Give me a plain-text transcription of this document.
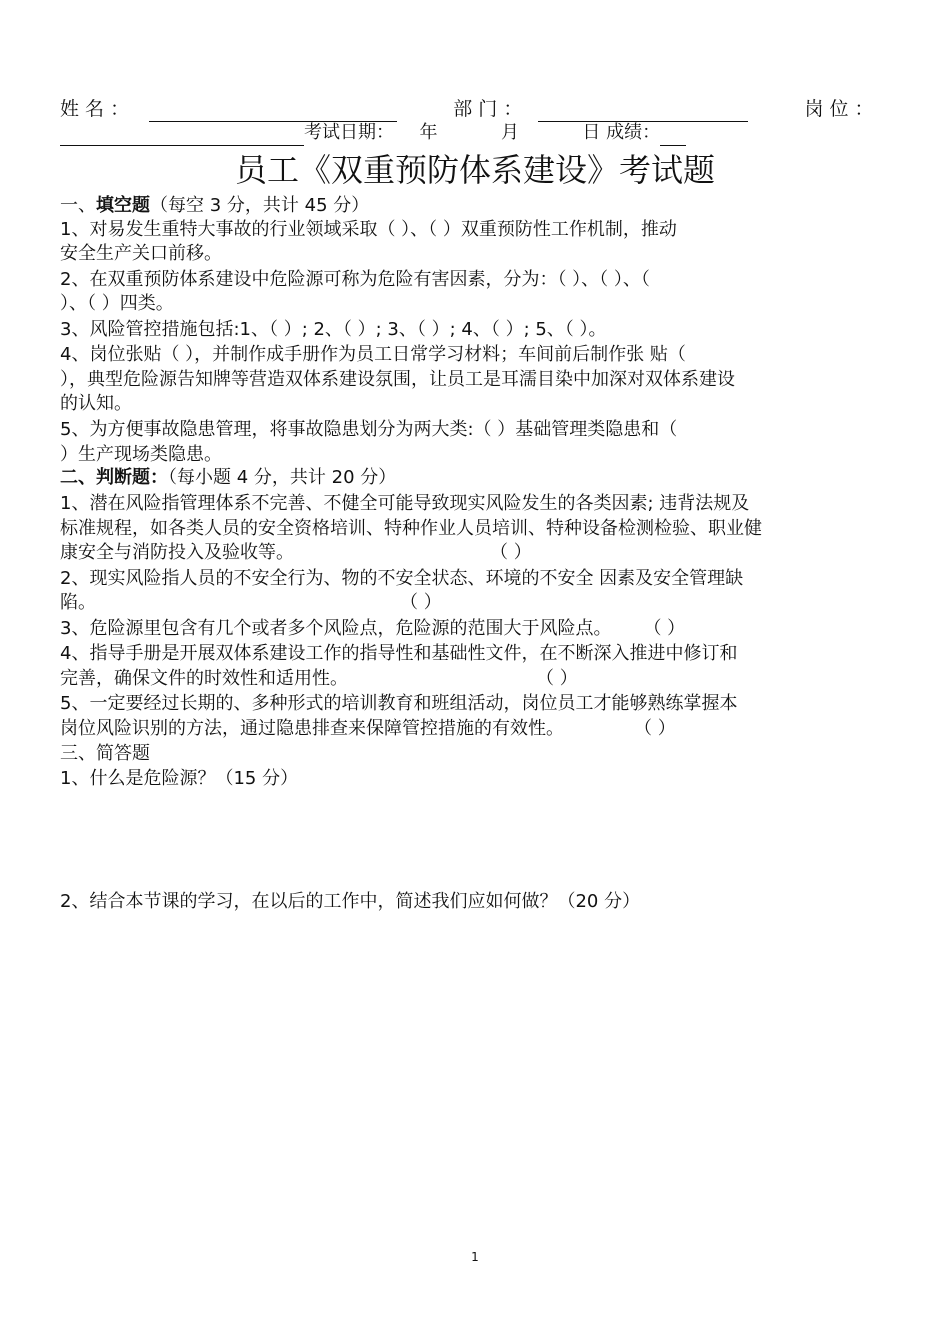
姓 名 ：	部 门 ：	岗 位 ：
考试日期： 年	月	日 成绩：
员工《双重预防体系建设》考试题
一、填空题（每空 3 分，共计 45 分）
1、对易发生重特大事故的行业领域采取（ ）、（ ）双重预防性工作机制，推动
安全生产关口前移。
2、在双重预防体系建设中危险源可称为危险有害因素，分为：（ ）、（ ）、（
）、（ ）四类。
3、风险管控措施包括:1、（ ）; 2、（ ）; 3、（ ）; 4、（ ）; 5、（ ）。
4、岗位张贴（ ），并制作成手册作为员工日常学习材料；车间前后制作张 贴（
），典型危险源告知牌等营造双体系建设氛围，让员工是耳濡目染中加深对双体系建设
的认知。
5、为方便事故隐患管理，将事故隐患划分为两大类:（ ）基础管理类隐患和（
）生产现场类隐患。
二、判断题：（每小题 4 分，共计 20 分）
1、潜在风险指管理体系不完善、不健全可能导致现实风险发生的各类因素; 违背法规及
标准规程，如各类人员的安全资格培训、特种作业人员培训、特种设备检测检验、职业健
康安全与消防投入及验收等。	（ ）
2、现实风险指人员的不安全行为、物的不安全状态、环境的不安全 因素及安全管理缺
陷。	（ ）
3、危险源里包含有几个或者多个风险点，危险源的范围大于风险点。 （ ）
4、指导手册是开展双体系建设工作的指导性和基础性文件，在不断深入推进中修订和
完善，确保文件的时效性和适用性。	（ ）
5、一定要经过长期的、多种形式的培训教育和班组活动，岗位员工才能够熟练掌握本
岗位风险识别的方法，通过隐患排查来保障管控措施的有效性。	（ ）
三、简答题
1、什么是危险源？（15 分）
2、结合本节课的学习，在以后的工作中，简述我们应如何做？（20 分）
1
